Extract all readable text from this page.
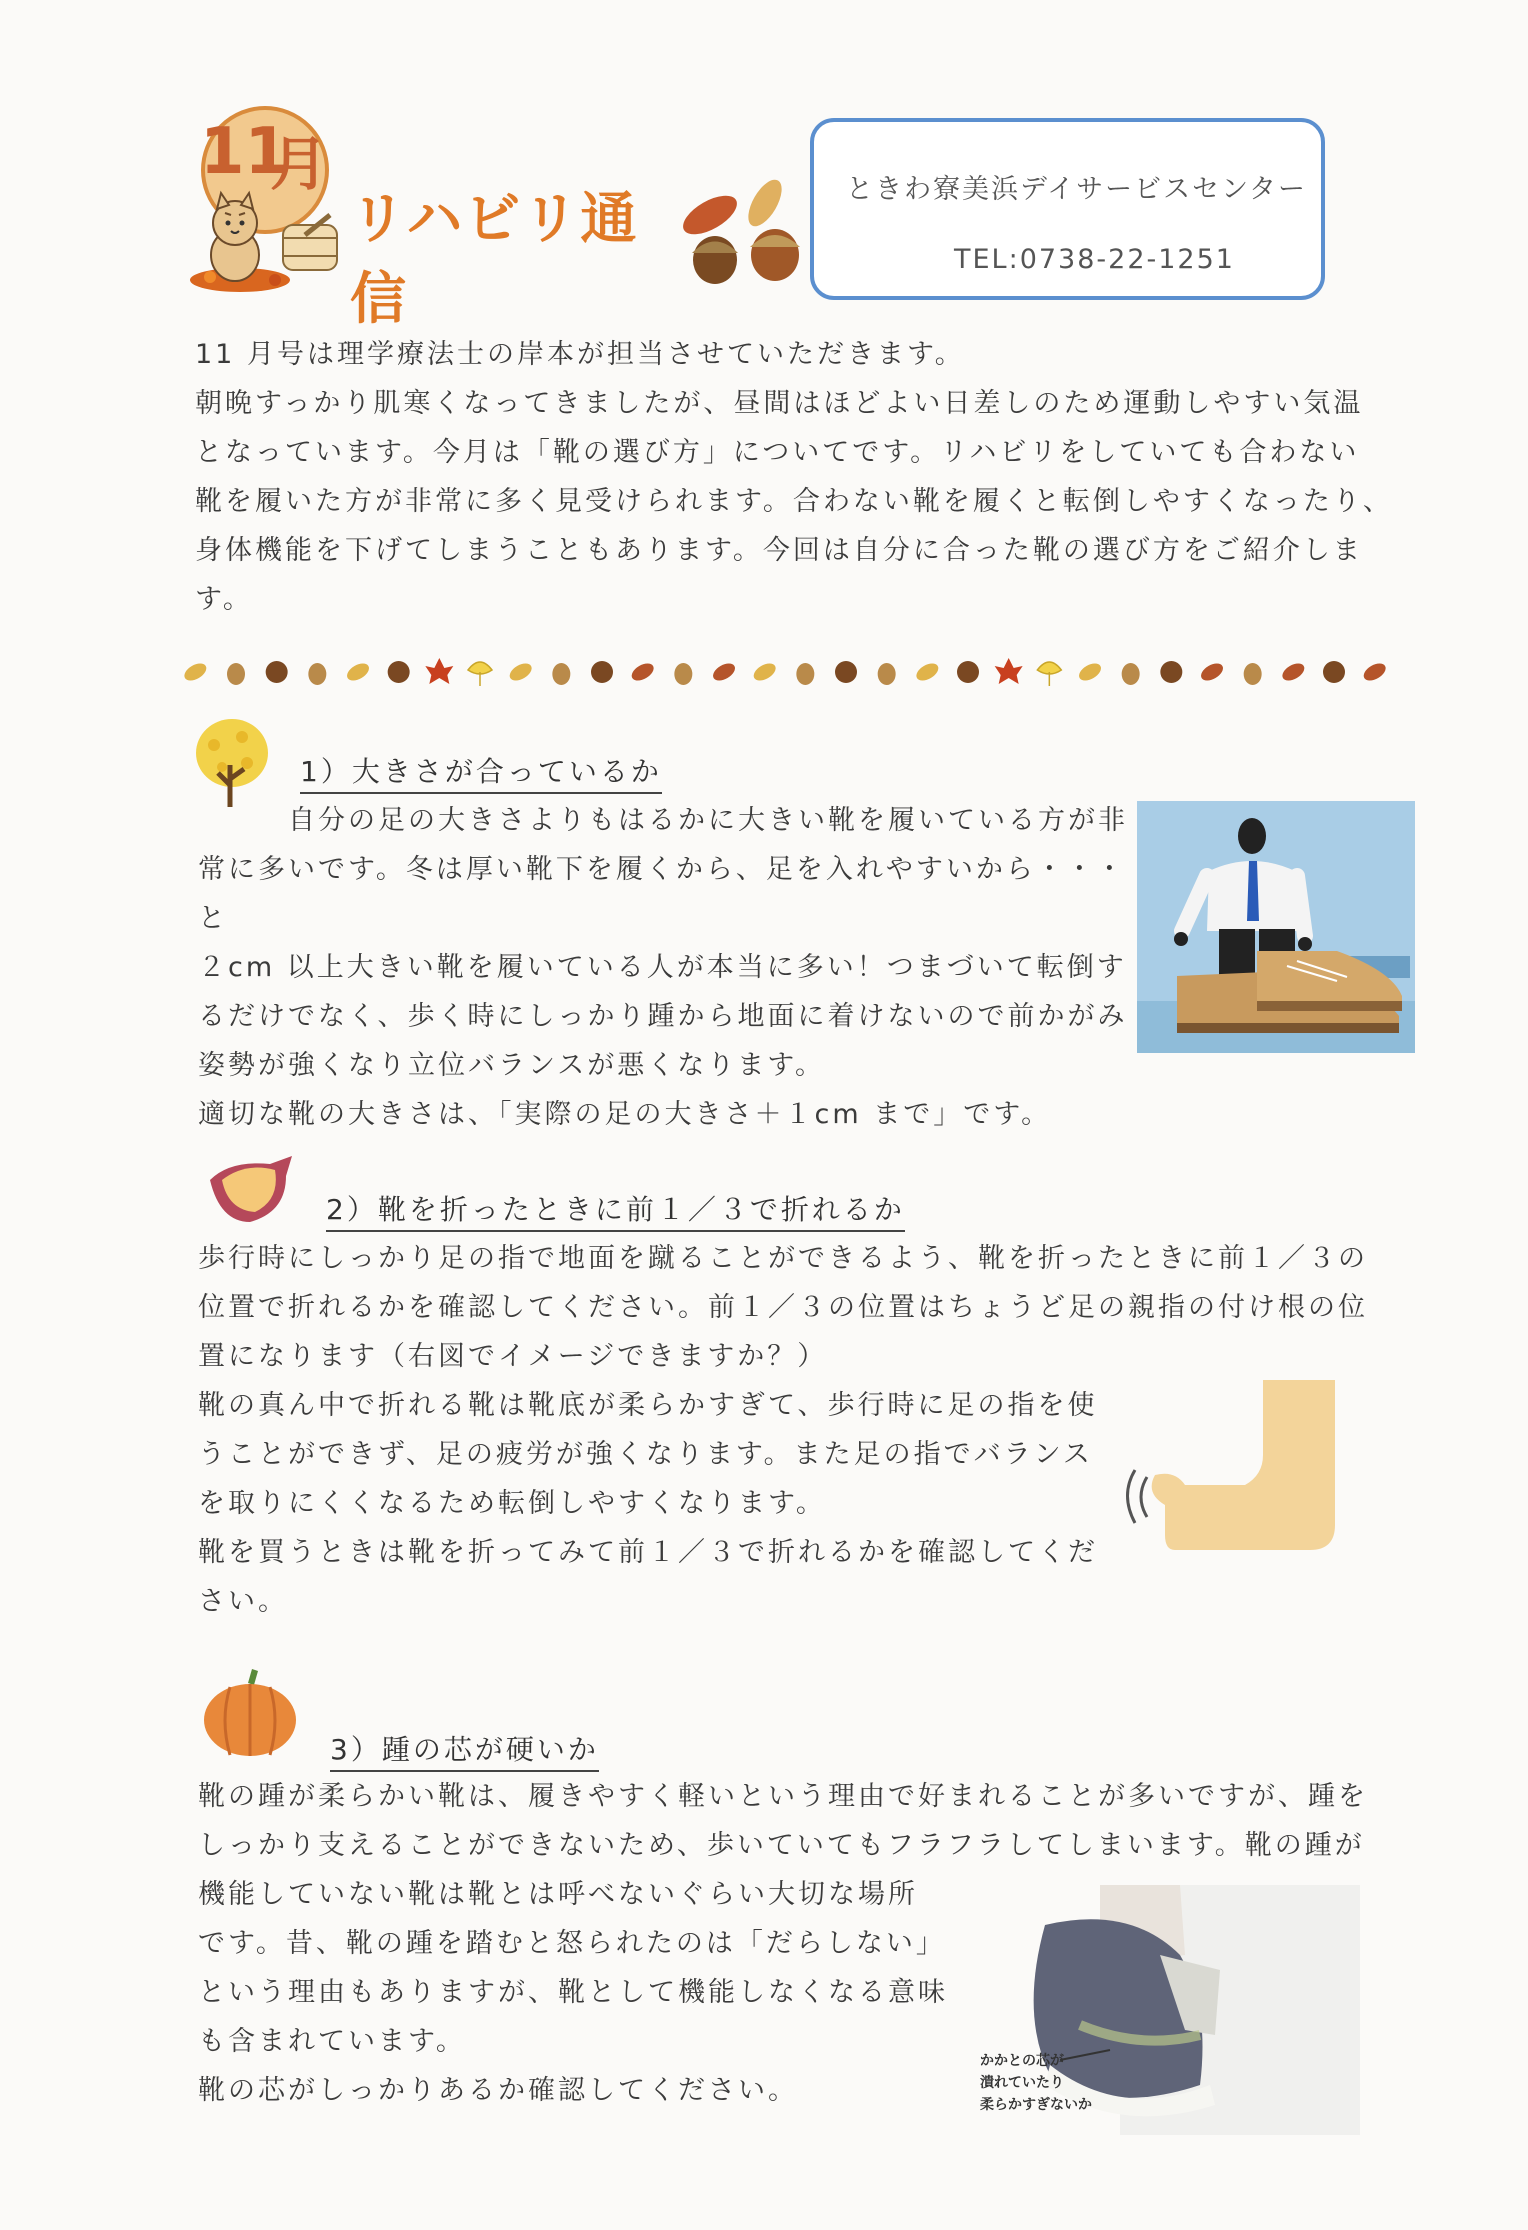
11
月
リハビリ通信
ときわ寮美浜デイサービスセンター
TEL:0738-22-1251

11 月号は理学療法士の岸本が担当させていただきます。

朝晩すっかり肌寒くなってきましたが、昼間はほどよい日差しのため運動しやすい気温

となっています。今月は「靴の選び方」についてです。リハビリをしていても合わない

靴を履いた方が非常に多く見受けられます。合わない靴を履くと転倒しやすくなったり、

身体機能を下げてしまうこともあります。今回は自分に合った靴の選び方をご紹介しま

す。

1）大きさが合っているか

　　　自分の足の大きさよりもはるかに大きい靴を履いている方が非

常に多いです。冬は厚い靴下を履くから、足を入れやすいから・・・と

２cm 以上大きい靴を履いている人が本当に多い！つまづいて転倒す

るだけでなく、歩く時にしっかり踵から地面に着けないので前かがみ

姿勢が強くなり立位バランスが悪くなります。

適切な靴の大きさは、「実際の足の大きさ＋１cm まで」です。

2）靴を折ったときに前１／３で折れるか

歩行時にしっかり足の指で地面を蹴ることができるよう、靴を折ったときに前１／３の

位置で折れるかを確認してください。前１／３の位置はちょうど足の親指の付け根の位

置になります（右図でイメージできますか？）

靴の真ん中で折れる靴は靴底が柔らかすぎて、歩行時に足の指を使

うことができず、足の疲労が強くなります。また足の指でバランス

を取りにくくなるため転倒しやすくなります。

靴を買うときは靴を折ってみて前１／３で折れるかを確認してくだ

さい。

3）踵の芯が硬いか

靴の踵が柔らかい靴は、履きやすく軽いという理由で好まれることが多いですが、踵を

しっかり支えることができないため、歩いていてもフラフラしてしまいます。靴の踵が

機能していない靴は靴とは呼べないぐらい大切な場所

です。昔、靴の踵を踏むと怒られたのは「だらしない」

という理由もありますが、靴として機能しなくなる意味

も含まれています。

靴の芯がしっかりあるか確認してください。

かかとの芯が
潰れていたり
柔らかすぎないか
